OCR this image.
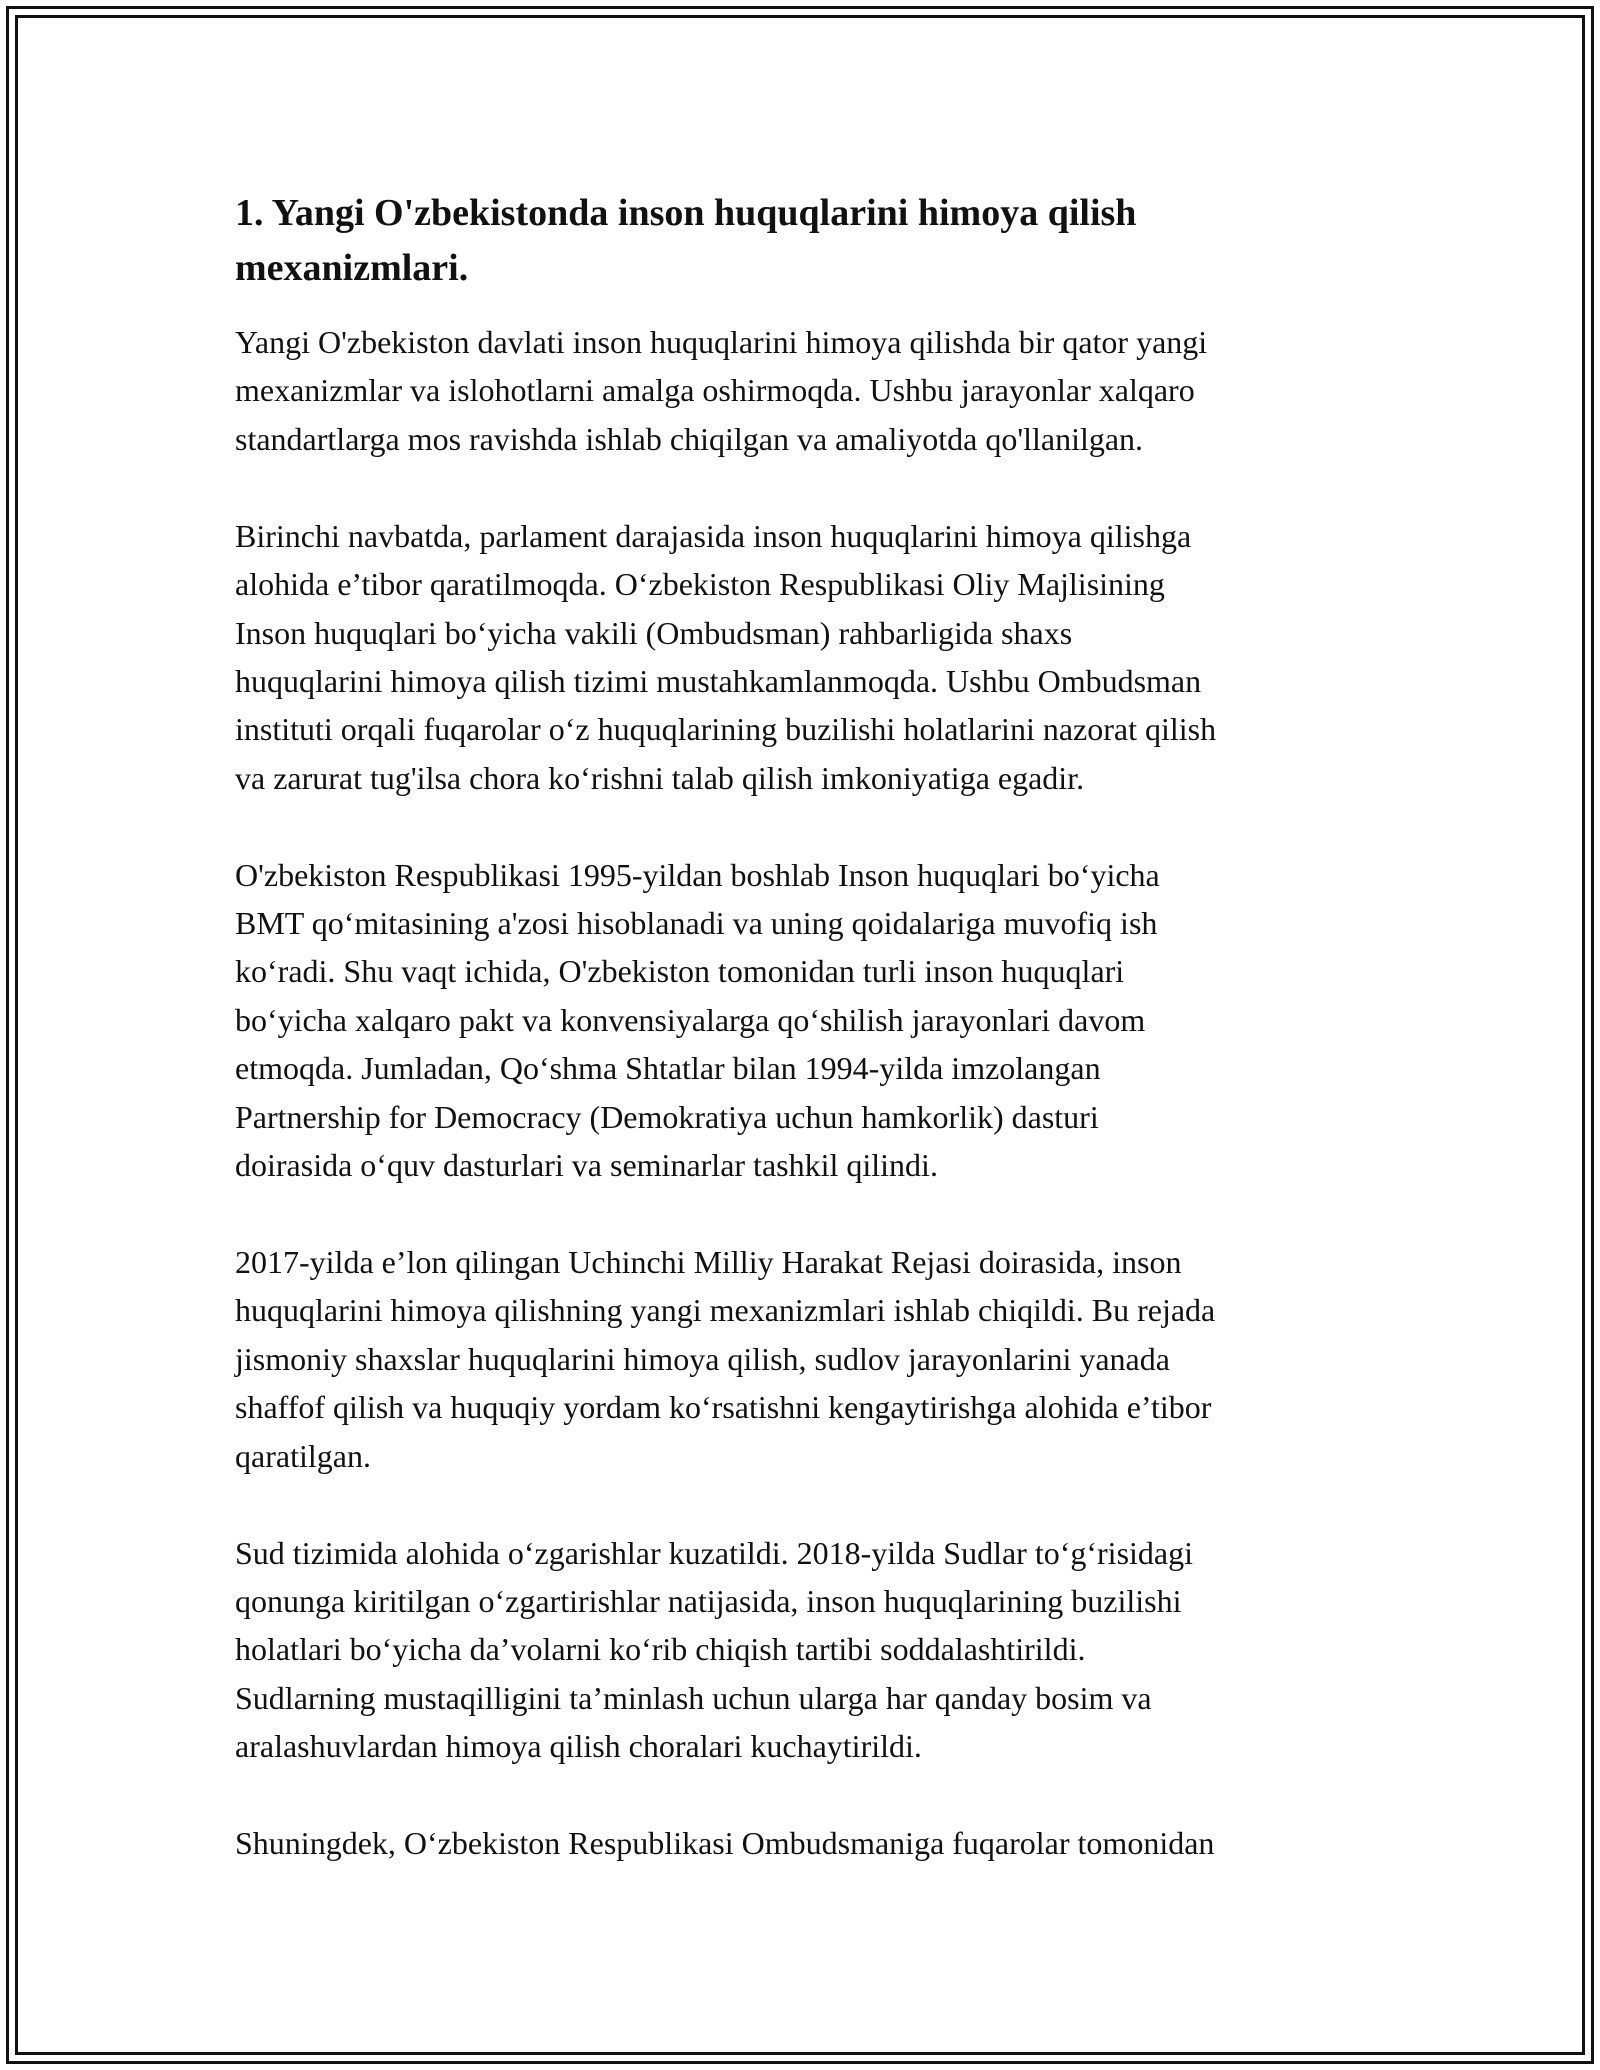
1. Yangi O'zbekistonda inson huquqlarini himoya qilish
mexanizmlari.

Yangi O'zbekiston davlati inson huquqlarini himoya qilishda bir qator yangi
mexanizmlar va islohotlarni amalga oshirmoqda. Ushbu jarayonlar xalqaro
standartlarga mos ravishda ishlab chiqilgan va amaliyotda qo'llanilgan.

Birinchi navbatda, parlament darajasida inson huquqlarini himoya qilishga
alohida e’tibor qaratilmoqda. O‘zbekiston Respublikasi Oliy Majlisining
Inson huquqlari bo‘yicha vakili (Ombudsman) rahbarligida shaxs
huquqlarini himoya qilish tizimi mustahkamlanmoqda. Ushbu Ombudsman
instituti orqali fuqarolar o‘z huquqlarining buzilishi holatlarini nazorat qilish
va zarurat tug'ilsa chora ko‘rishni talab qilish imkoniyatiga egadir.

O'zbekiston Respublikasi 1995-yildan boshlab Inson huquqlari bo‘yicha
BMT qo‘mitasining a'zosi hisoblanadi va uning qoidalariga muvofiq ish
ko‘radi. Shu vaqt ichida, O'zbekiston tomonidan turli inson huquqlari
bo‘yicha xalqaro pakt va konvensiyalarga qo‘shilish jarayonlari davom
etmoqda. Jumladan, Qo‘shma Shtatlar bilan 1994-yilda imzolangan
Partnership for Democracy (Demokratiya uchun hamkorlik) dasturi
doirasida o‘quv dasturlari va seminarlar tashkil qilindi.

2017-yilda e’lon qilingan Uchinchi Milliy Harakat Rejasi doirasida, inson
huquqlarini himoya qilishning yangi mexanizmlari ishlab chiqildi. Bu rejada
jismoniy shaxslar huquqlarini himoya qilish, sudlov jarayonlarini yanada
shaffof qilish va huquqiy yordam ko‘rsatishni kengaytirishga alohida e’tibor
qaratilgan.

Sud tizimida alohida o‘zgarishlar kuzatildi. 2018-yilda Sudlar to‘g‘risidagi
qonunga kiritilgan o‘zgartirishlar natijasida, inson huquqlarining buzilishi
holatlari bo‘yicha da’volarni ko‘rib chiqish tartibi soddalashtirildi.
Sudlarning mustaqilligini ta’minlash uchun ularga har qanday bosim va
aralashuvlardan himoya qilish choralari kuchaytirildi.

Shuningdek, O‘zbekiston Respublikasi Ombudsmaniga fuqarolar tomonidan
